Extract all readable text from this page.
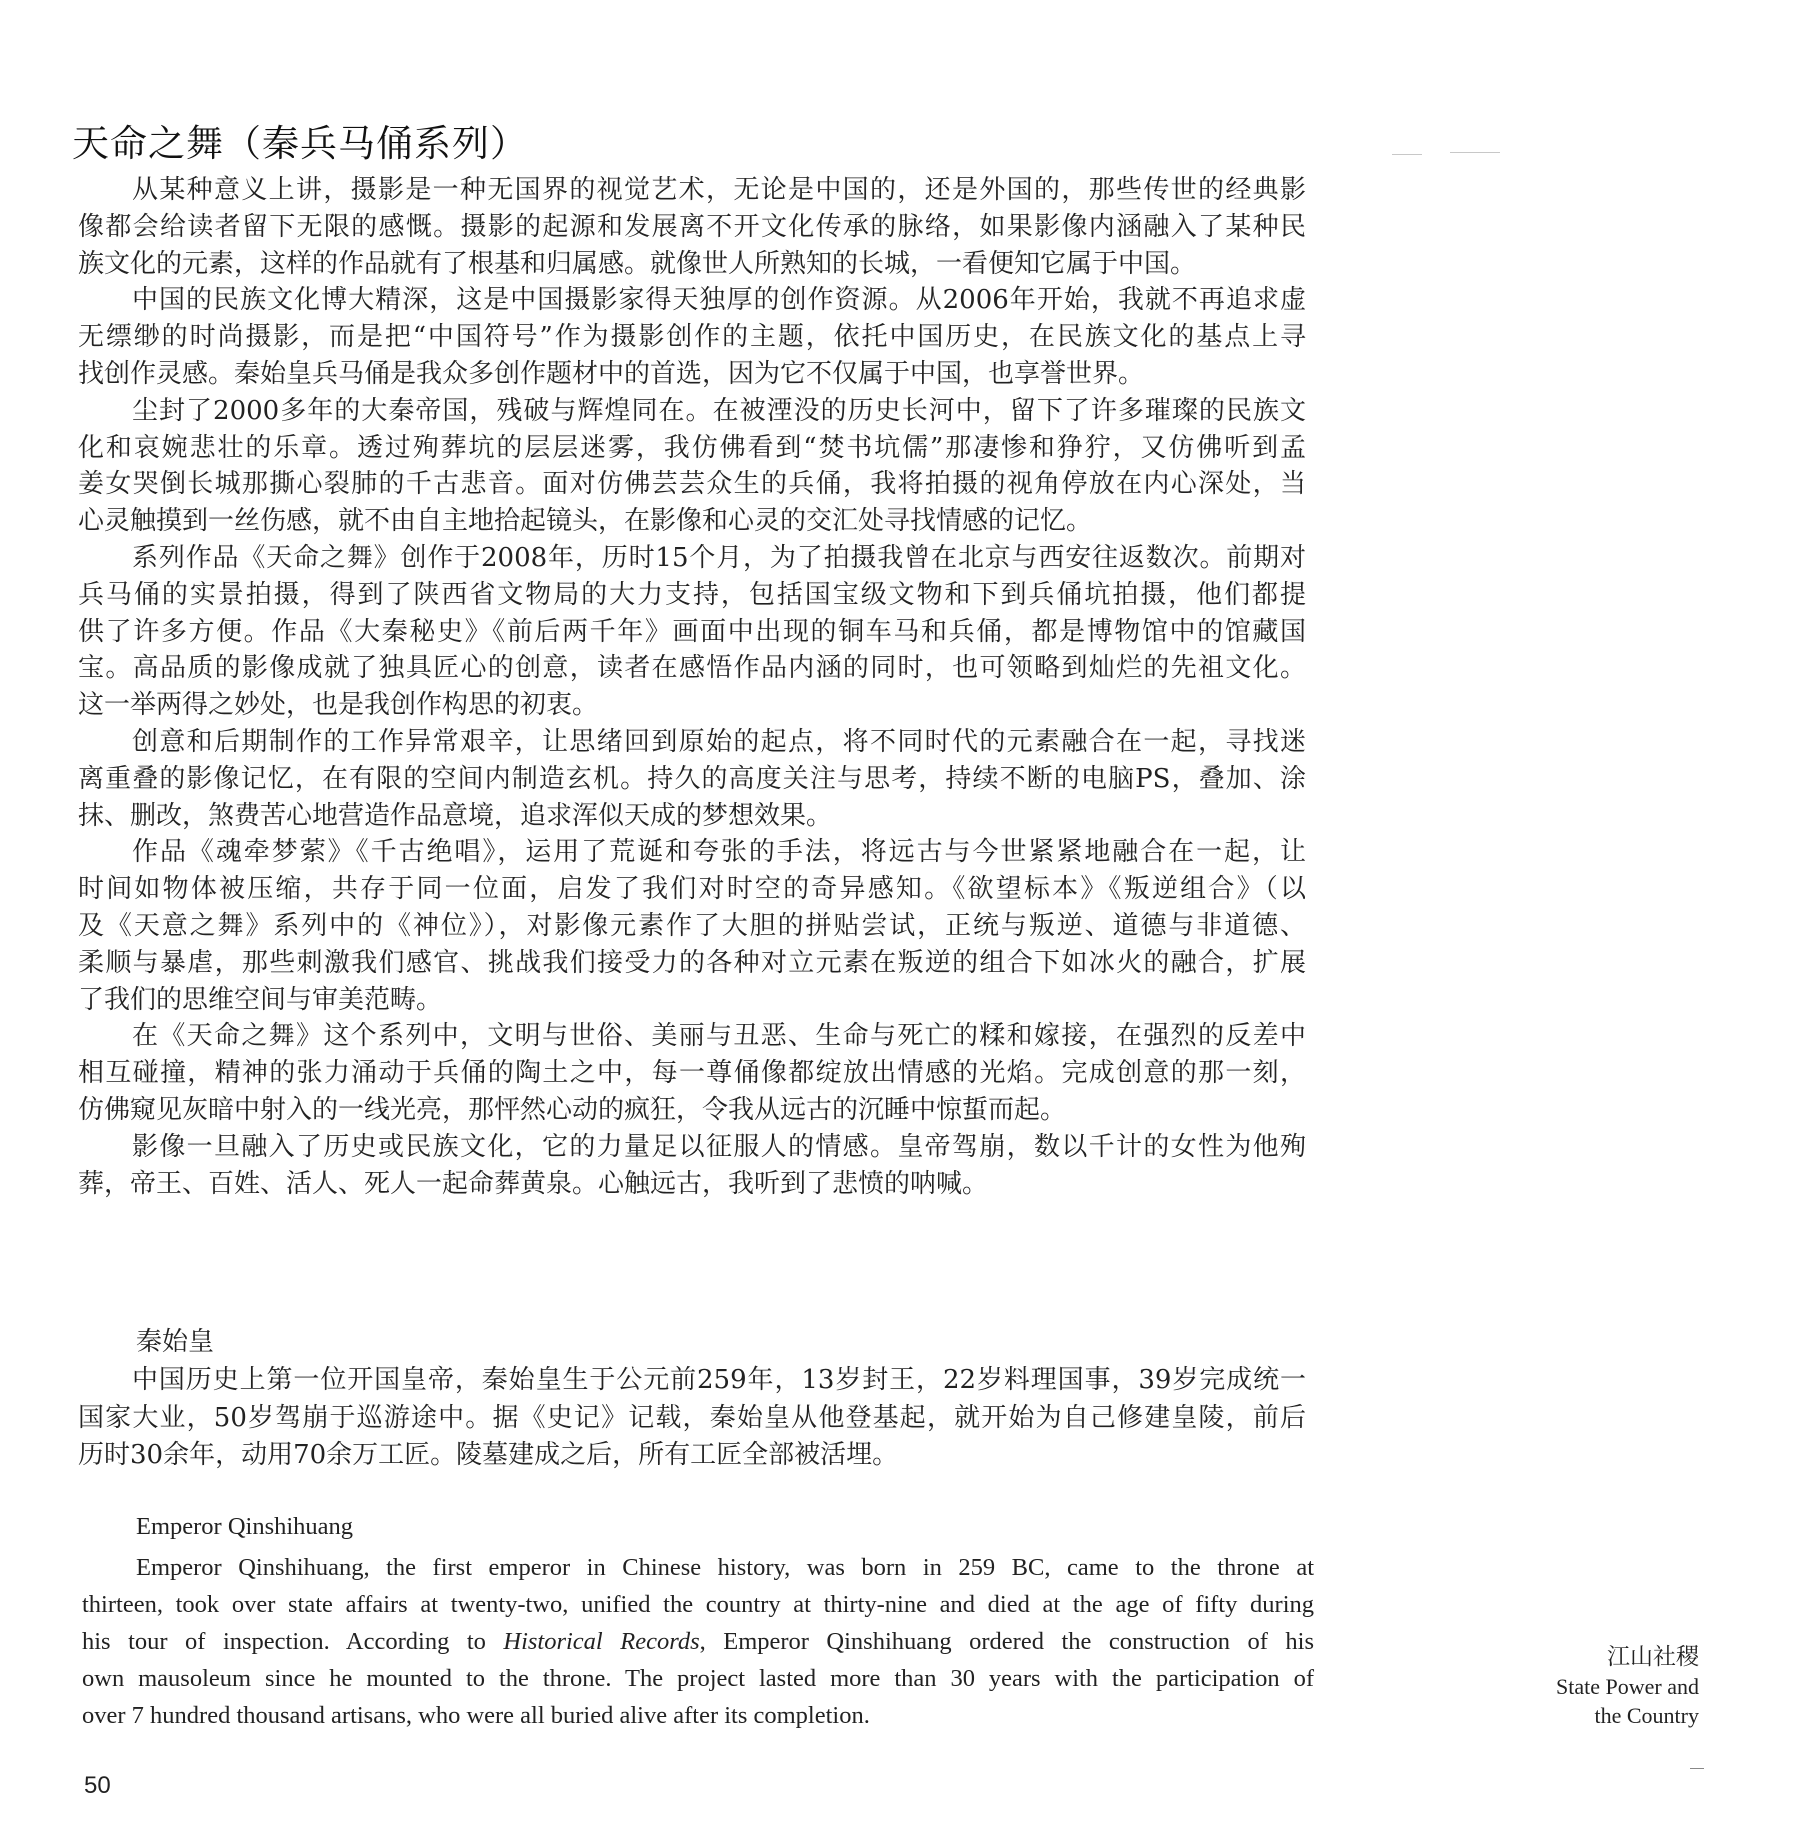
天命之舞（秦兵马俑系列）
从某种意义上讲，摄影是一种无国界的视觉艺术，无论是中国的，还是外国的，那些传世的经典影
像都会给读者留下无限的感慨。摄影的起源和发展离不开文化传承的脉络，如果影像内涵融入了某种民
族文化的元素，这样的作品就有了根基和归属感。就像世人所熟知的长城，一看便知它属于中国。
中国的民族文化博大精深，这是中国摄影家得天独厚的创作资源。从2006年开始，我就不再追求虚
无缥缈的时尚摄影，而是把“中国符号”作为摄影创作的主题，依托中国历史，在民族文化的基点上寻
找创作灵感。秦始皇兵马俑是我众多创作题材中的首选，因为它不仅属于中国，也享誉世界。
尘封了2000多年的大秦帝国，残破与辉煌同在。在被湮没的历史长河中，留下了许多璀璨的民族文
化和哀婉悲壮的乐章。透过殉葬坑的层层迷雾，我仿佛看到“焚书坑儒”那凄惨和狰狞，又仿佛听到孟
姜女哭倒长城那撕心裂肺的千古悲音。面对仿佛芸芸众生的兵俑，我将拍摄的视角停放在内心深处，当
心灵触摸到一丝伤感，就不由自主地拾起镜头，在影像和心灵的交汇处寻找情感的记忆。
系列作品《天命之舞》创作于2008年，历时15个月，为了拍摄我曾在北京与西安往返数次。前期对
兵马俑的实景拍摄，得到了陕西省文物局的大力支持，包括国宝级文物和下到兵俑坑拍摄，他们都提
供了许多方便。作品《大秦秘史》《前后两千年》画面中出现的铜车马和兵俑，都是博物馆中的馆藏国
宝。高品质的影像成就了独具匠心的创意，读者在感悟作品内涵的同时，也可领略到灿烂的先祖文化。
这一举两得之妙处，也是我创作构思的初衷。
创意和后期制作的工作异常艰辛，让思绪回到原始的起点，将不同时代的元素融合在一起，寻找迷
离重叠的影像记忆，在有限的空间内制造玄机。持久的高度关注与思考，持续不断的电脑PS，叠加、涂
抹、删改，煞费苦心地营造作品意境，追求浑似天成的梦想效果。
作品《魂牵梦萦》《千古绝唱》，运用了荒诞和夸张的手法，将远古与今世紧紧地融合在一起，让
时间如物体被压缩，共存于同一位面，启发了我们对时空的奇异感知。《欲望标本》《叛逆组合》（以
及《天意之舞》系列中的《神位》），对影像元素作了大胆的拼贴尝试，正统与叛逆、道德与非道德、
柔顺与暴虐，那些刺激我们感官、挑战我们接受力的各种对立元素在叛逆的组合下如冰火的融合，扩展
了我们的思维空间与审美范畴。
在《天命之舞》这个系列中，文明与世俗、美丽与丑恶、生命与死亡的糅和嫁接，在强烈的反差中
相互碰撞，精神的张力涌动于兵俑的陶土之中，每一尊俑像都绽放出情感的光焰。完成创意的那一刻，
仿佛窥见灰暗中射入的一线光亮，那怦然心动的疯狂，令我从远古的沉睡中惊蜇而起。
影像一旦融入了历史或民族文化，它的力量足以征服人的情感。皇帝驾崩，数以千计的女性为他殉
葬，帝王、百姓、活人、死人一起命葬黄泉。心触远古，我听到了悲愤的呐喊。
秦始皇
中国历史上第一位开国皇帝，秦始皇生于公元前259年，13岁封王，22岁料理国事，39岁完成统一
国家大业，50岁驾崩于巡游途中。据《史记》记载，秦始皇从他登基起，就开始为自己修建皇陵，前后
历时30余年，动用70余万工匠。陵墓建成之后，所有工匠全部被活埋。
Emperor Qinshihuang
Emperor Qinshihuang, the first emperor in Chinese history, was born in 259 BC, came to the throne at
thirteen, took over state affairs at twenty-two, unified the country at thirty-nine and died at the age of fifty during
his tour of inspection. According to Historical Records, Emperor Qinshihuang ordered the construction of his
own mausoleum since he mounted to the throne. The project lasted more than 30 years with the participation of
over 7 hundred thousand artisans, who were all buried alive after its completion.
江山社稷
State Power and
the Country
50
